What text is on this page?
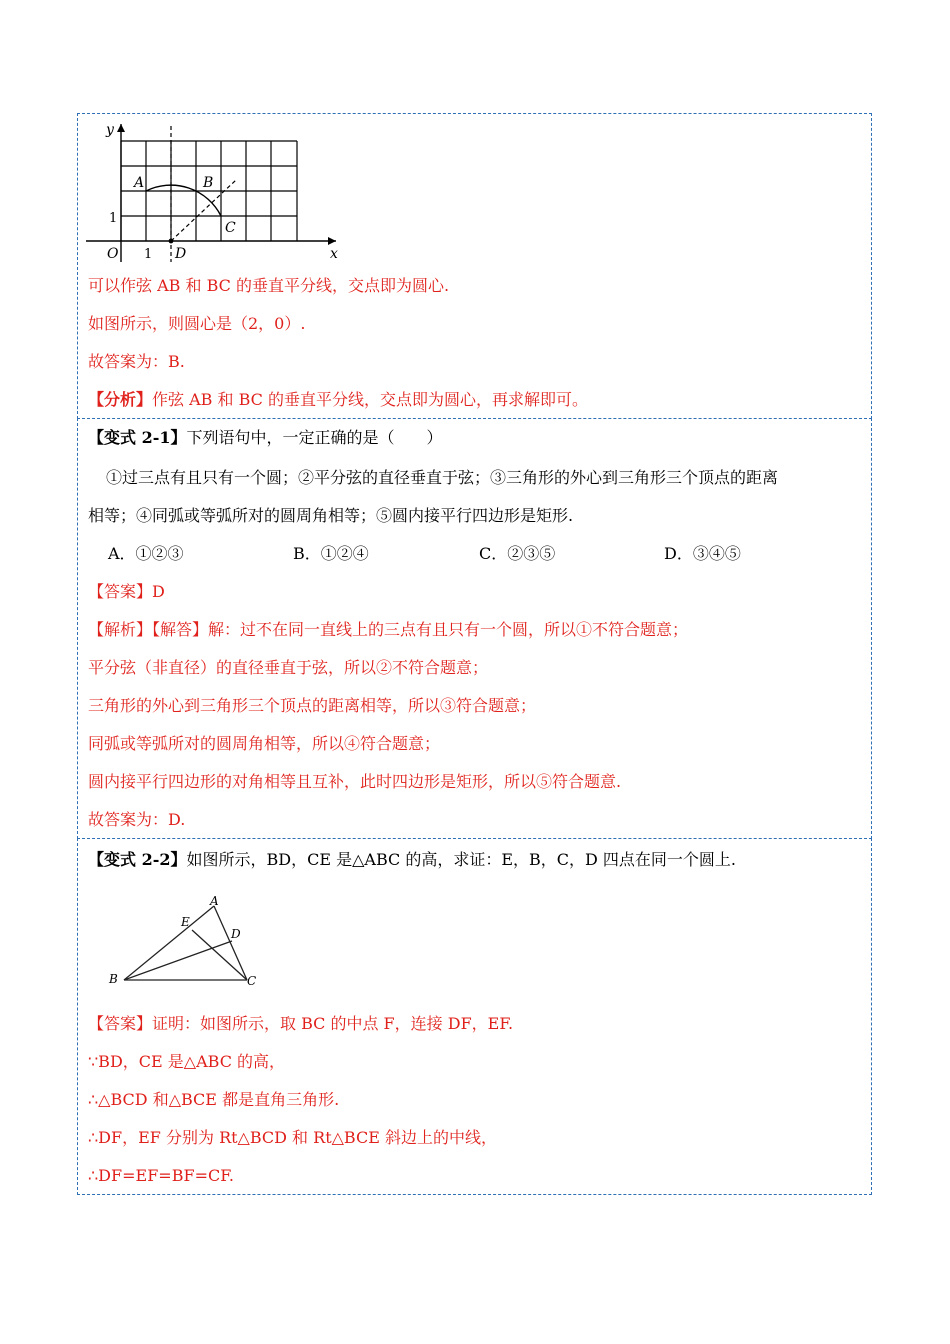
y
x
O 1
1
A	B
C
D
可以作弦 AB 和 BC 的垂直平分线，交点即为圆心.
如图所示，则圆心是（2，0）.
故答案为：B.
【分析】作弦 AB 和 BC 的垂直平分线，交点即为圆心，再求解即可。
【变式 2-1】下列语句中，一定正确的是（　　）
①过三点有且只有一个圆；②平分弦的直径垂直于弦；③三角形的外心到三角形三个顶点的距离
相等；④同弧或等弧所对的圆周角相等；⑤圆内接平行四边形是矩形.
A．①②③	B．①②④	C．②③⑤	D．③④⑤
【答案】D
【解析】【解答】解：过不在同一直线上的三点有且只有一个圆，所以①不符合题意；
平分弦（非直径）的直径垂直于弦，所以②不符合题意；
三角形的外心到三角形三个顶点的距离相等，所以③符合题意；
同弧或等弧所对的圆周角相等，所以④符合题意；
圆内接平行四边形的对角相等且互补，此时四边形是矩形，所以⑤符合题意.
故答案为：D.
【变式 2-2】如图所示，BD，CE 是△ABC 的高，求证：E，B，C，D 四点在同一个圆上.
A
B	C
D
E
【答案】证明：如图所示，取 BC 的中点 F，连接 DF，EF.
∵BD，CE 是△ABC 的高，
∴△BCD 和△BCE 都是直角三角形.
∴DF，EF 分别为 Rt△BCD 和 Rt△BCE 斜边上的中线，
∴DF=EF=BF=CF.
